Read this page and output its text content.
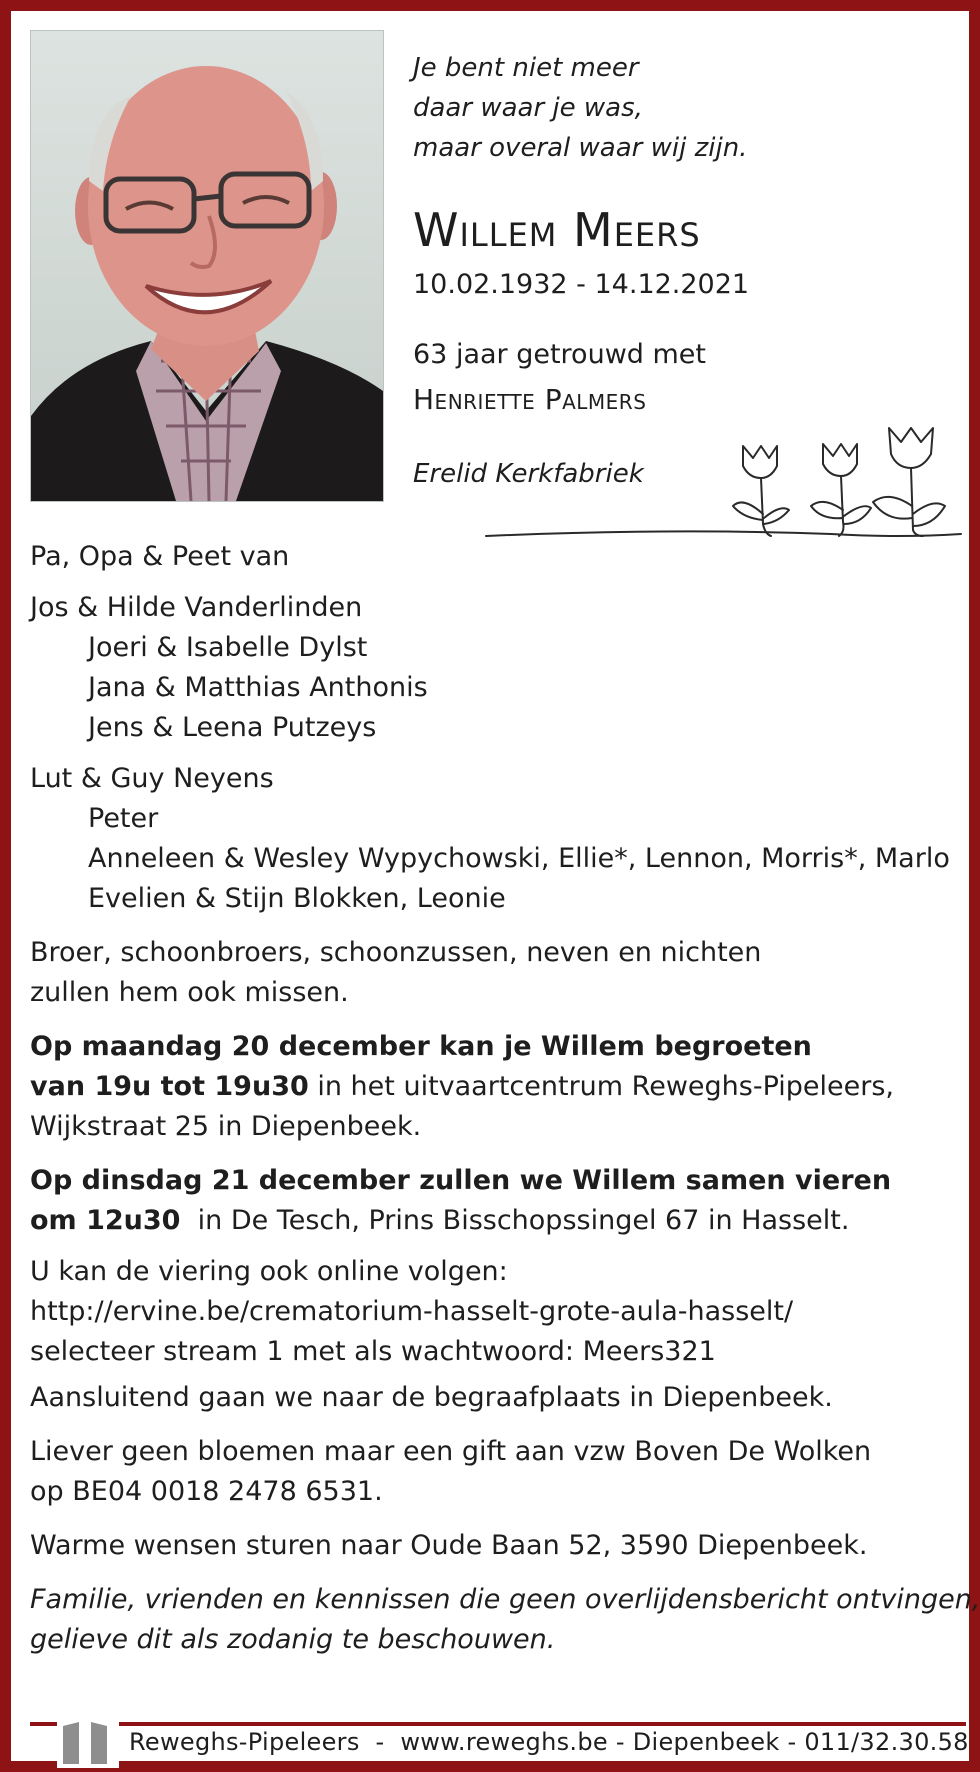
Je bent niet meer
daar waar je was,
maar overal waar wij zijn.
Willem Meers
10.02.1932 - 14.12.2021
63 jaar getrouwd met
Henriette Palmers
Erelid Kerkfabriek

Pa, Opa & Peet van

Jos & Hilde Vanderlinden

Joeri & Isabelle Dylst

Jana & Matthias Anthonis

Jens & Leena Putzeys

Lut & Guy Neyens

Peter

Anneleen & Wesley Wypychowski, Ellie*, Lennon, Morris*, Marlo

Evelien & Stijn Blokken, Leonie

Broer, schoonbroers, schoonzussen, neven en nichten

zullen hem ook missen.

Op maandag 20 december kan je Willem begroeten

van 19u tot 19u30 in het uitvaartcentrum Reweghs-Pipeleers,

Wijkstraat 25 in Diepenbeek.

Op dinsdag 21 december zullen we Willem samen vieren

om 12u30  in De Tesch, Prins Bisschopssingel 67 in Hasselt.

U kan de viering ook online volgen:

http://ervine.be/crematorium-hasselt-grote-aula-hasselt/

selecteer stream 1 met als wachtwoord: Meers321

Aansluitend gaan we naar de begraafplaats in Diepenbeek.

Liever geen bloemen maar een gift aan vzw Boven De Wolken

op BE04 0018 2478 6531.

Warme wensen sturen naar Oude Baan 52, 3590 Diepenbeek.

Familie, vrienden en kennissen die geen overlijdensbericht ontvingen,

gelieve dit als zodanig te beschouwen.

Reweghs-Pipeleers  -  www.reweghs.be - Diepenbeek - 011/32.30.58
